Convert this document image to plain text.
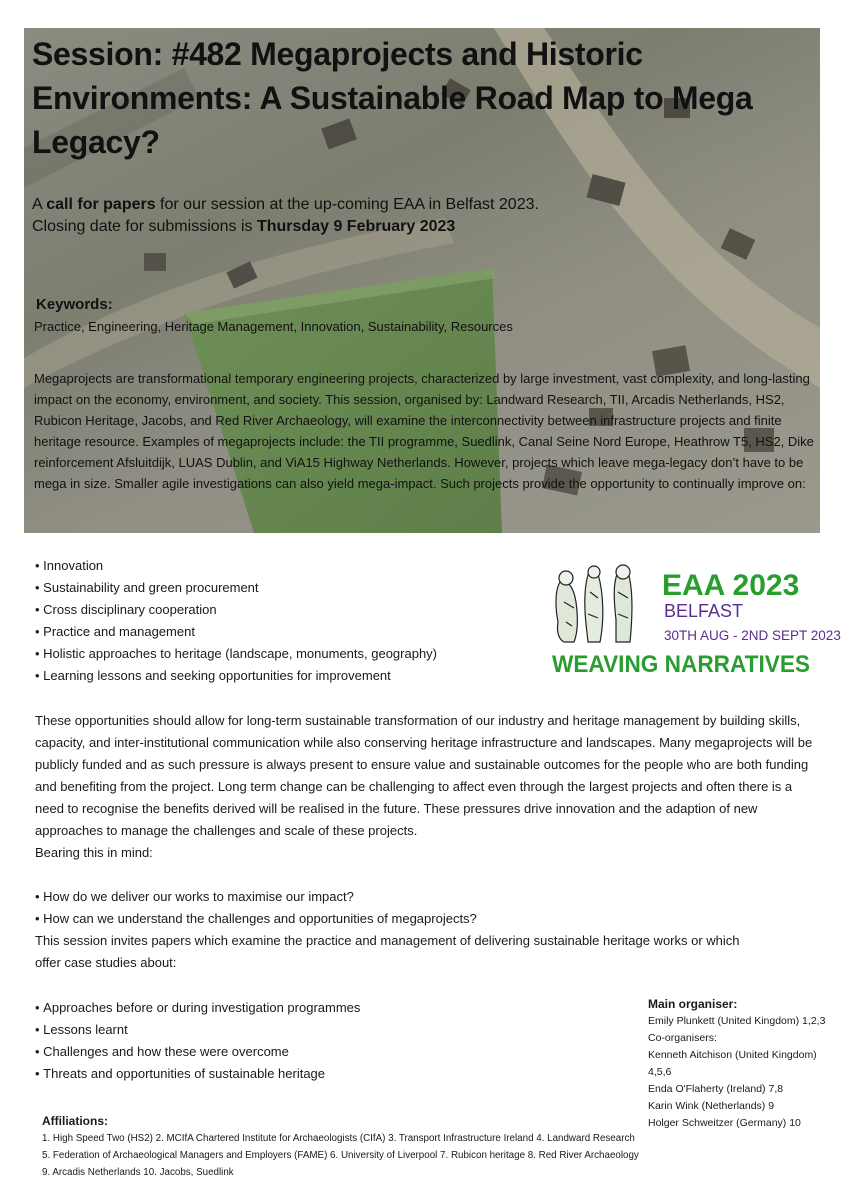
Session: #482 Megaprojects and Historic Environments: A Sustainable Road Map to Mega Legacy?
A call for papers for our session at the up-coming EAA in Belfast 2023.
Closing date for submissions is Thursday 9 February 2023
Keywords:
Practice, Engineering, Heritage Management, Innovation, Sustainability, Resources

Megaprojects are transformational temporary engineering projects, characterized by large investment, vast complexity, and long-lasting impact on the economy, environment, and society. This session, organised by: Landward Research, TII, Arcadis Netherlands, HS2, Rubicon Heritage, Jacobs, and Red River Archaeology, will examine the interconnectivity between infrastructure projects and finite heritage resource. Examples of megaprojects include: the TII programme, Suedlink, Canal Seine Nord Europe, Heathrow T5, HS2, Dike reinforcement Afsluitdijk, LUAS Dublin, and ViA15 Highway Netherlands. However, projects which leave mega-legacy don’t have to be mega in size. Smaller agile investigations can also yield mega-impact. Such projects provide the opportunity to continually improve on:

• Innovation
• Sustainability and green procurement
• Cross disciplinary cooperation
• Practice and management
• Holistic approaches to heritage (landscape, monuments, geography)
• Learning lessons and seeking opportunities for improvement
EAA 2023
BELFAST
30TH AUG - 2ND SEPT 2023
WEAVING NARRATIVES

These opportunities should allow for long-term sustainable transformation of our industry and heritage management by building skills, capacity, and inter-institutional communication while also conserving heritage infrastructure and landscapes. Many megaprojects will be publicly funded and as such pressure is always present to ensure value and sustainable outcomes for the people who are both funding and benefiting from the project. Long term change can be challenging to affect even through the largest projects and often there is a need to recognise the benefits derived will be realised in the future. These pressures drive innovation and the adaption of new approaches to manage the challenges and scale of these projects.

Bearing this in mind:

• How do we deliver our works to maximise our impact?
• How can we understand the challenges and opportunities of megaprojects?

This session invites papers which examine the practice and management of delivering sustainable heritage works or which offer case studies about:

• Approaches before or during investigation programmes
• Lessons learnt
• Challenges and how these were overcome
• Threats and opportunities of sustainable heritage
Main organiser:
Emily Plunkett (United Kingdom) 1,2,3
Co-organisers:
Kenneth Aitchison (United Kingdom) 4,5,6
Enda O'Flaherty (Ireland) 7,8
Karin Wink (Netherlands) 9
Holger Schweitzer (Germany) 10
Affiliations:
1. High Speed Two (HS2) 2. MCIfA Chartered Institute for Archaeologists (CIfA) 3. Transport Infrastructure Ireland 4. Landward Research
5. Federation of Archaeological Managers and Employers (FAME) 6. University of Liverpool 7. Rubicon heritage 8. Red River Archaeology
9. Arcadis Netherlands 10. Jacobs, Suedlink
